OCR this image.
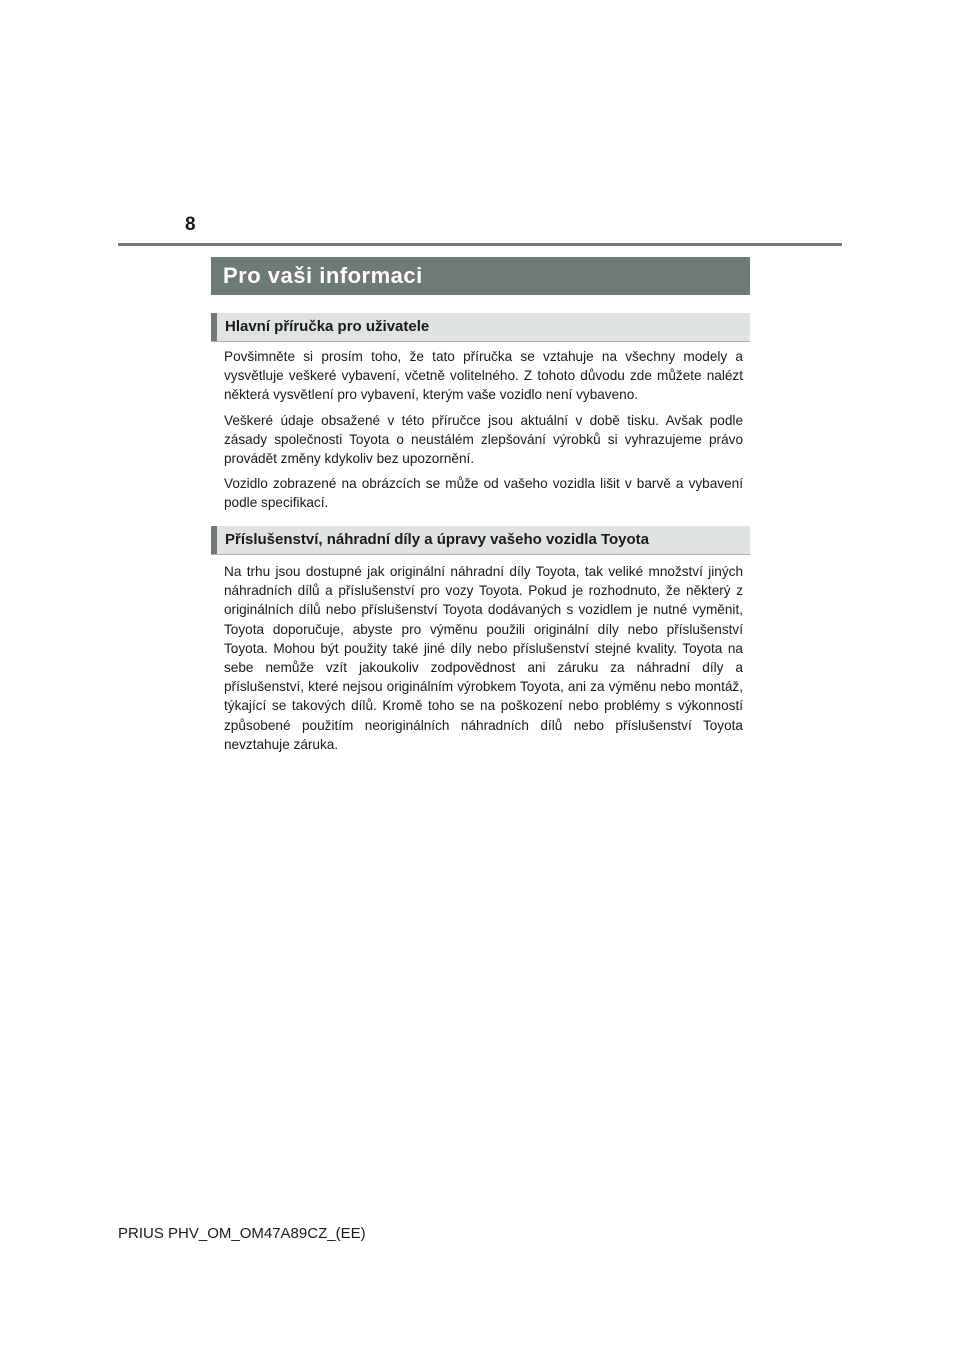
8
Pro vaši informaci
Hlavní příručka pro uživatele

Povšimněte si prosím toho, že tato příručka se vztahuje na všechny modely a vysvětluje veškeré vybavení, včetně volitelného. Z tohoto důvodu zde můžete nalézt některá vysvětlení pro vybavení, kterým vaše vozidlo není vybaveno.

Veškeré údaje obsažené v této příručce jsou aktuální v době tisku. Avšak podle zásady společnosti Toyota o neustálém zlepšování výrobků si vyhrazujeme právo provádět změny kdykoliv bez upozornění.

Vozidlo zobrazené na obrázcích se může od vašeho vozidla lišit v barvě a vybavení podle specifikací.

Příslušenství, náhradní díly a úpravy vašeho vozidla Toyota

Na trhu jsou dostupné jak originální náhradní díly Toyota, tak veliké množství jiných náhradních dílů a příslušenství pro vozy Toyota. Pokud je rozhodnuto, že některý z originálních dílů nebo příslušenství Toyota dodávaných s vozidlem je nutné vyměnit, Toyota doporučuje, abyste pro výměnu použili originální díly nebo příslušenství Toyota. Mohou být použity také jiné díly nebo příslušenství stejné kvality. Toyota na sebe nemůže vzít jakoukoliv zodpovědnost ani záruku za náhradní díly a příslušenství, které nejsou originálním výrobkem Toyota, ani za výměnu nebo montáž, týkající se takových dílů. Kromě toho se na poškození nebo problémy s výkonností způsobené použitím neoriginálních náhradních dílů nebo příslušenství Toyota nevztahuje záruka.

PRIUS PHV_OM_OM47A89CZ_(EE)
